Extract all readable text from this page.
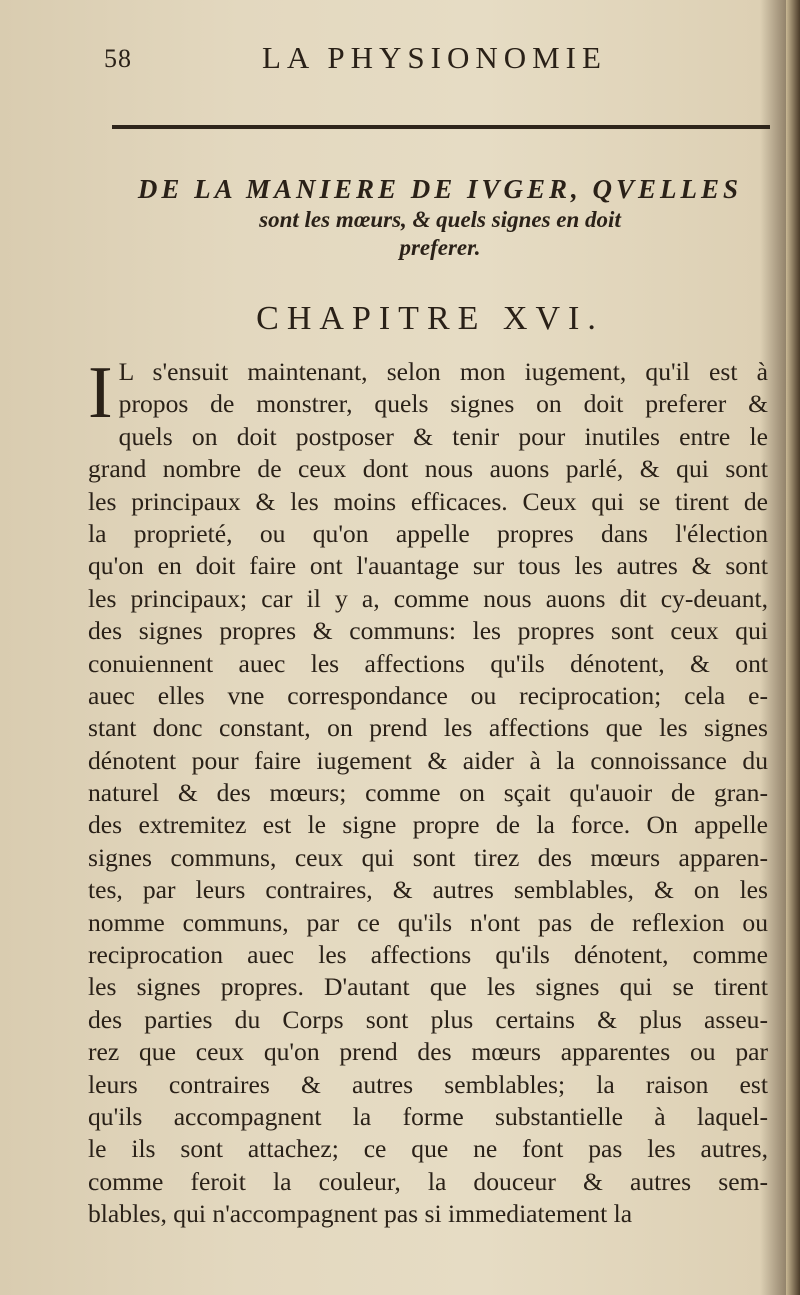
58	LA PHYSIONOMIE
DE LA MANIERE DE IVGER, QVELLES
sont les mœurs, & quels signes en doit
preferer.
CHAPITRE XVI.
I L s'ensuit maintenant, selon mon iugement, qu'il est à
propos de monstrer, quels signes on doit preferer &
quels on doit postposer & tenir pour inutiles entre le
grand nombre de ceux dont nous auons parlé, & qui sont
les principaux & les moins efficaces. Ceux qui se tirent de
la proprieté, ou qu'on appelle propres dans l'élection
qu'on en doit faire ont l'auantage sur tous les autres & sont
les principaux; car il y a, comme nous auons dit cy-deuant,
des signes propres & communs: les propres sont ceux qui
conuiennent auec les affections qu'ils dénotent, & ont
auec elles vne correspondance ou reciprocation; cela e-
stant donc constant, on prend les affections que les signes
dénotent pour faire iugement & aider à la connoissance du
naturel & des mœurs; comme on sçait qu'auoir de gran-
des extremitez est le signe propre de la force. On appelle
signes communs, ceux qui sont tirez des mœurs apparen-
tes, par leurs contraires, & autres semblables, & on les
nomme communs, par ce qu'ils n'ont pas de reflexion ou
reciprocation auec les affections qu'ils dénotent, comme
les signes propres. D'autant que les signes qui se tirent
des parties du Corps sont plus certains & plus asseu-
rez que ceux qu'on prend des mœurs apparentes ou par
leurs contraires & autres semblables; la raison est
qu'ils accompagnent la forme substantielle à laquel-
le ils sont attachez; ce que ne font pas les autres,
comme feroit la couleur, la douceur & autres sem-
blables, qui n'accompagnent pas si immediatement la
